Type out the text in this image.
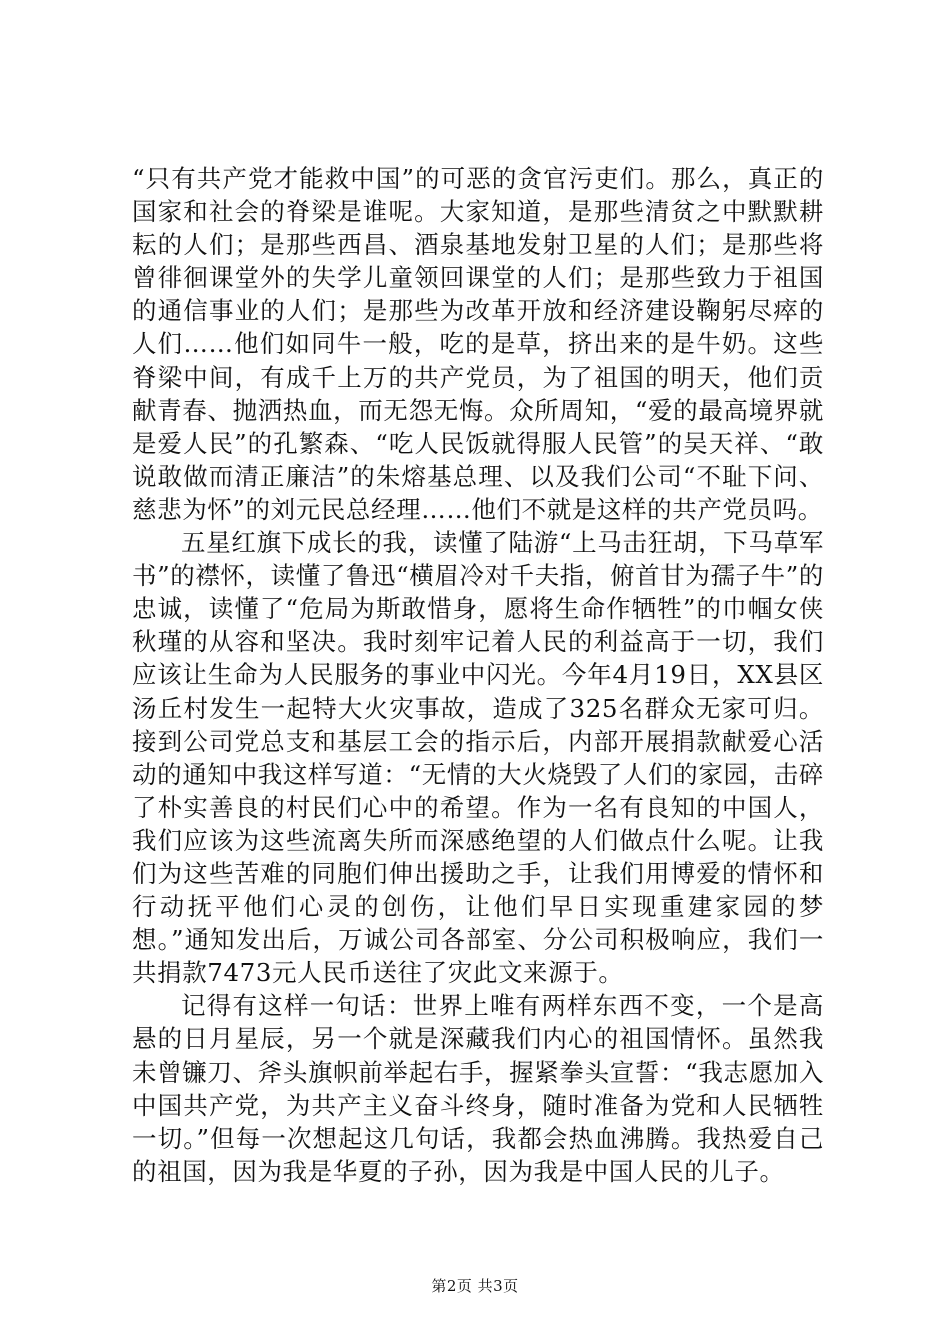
“只有共产党才能救中国”的可恶的贪官污吏们。那么，真正的国家和社会的脊梁是谁呢。大家知道，是那些清贫之中默默耕耘的人们；是那些西昌、酒泉基地发射卫星的人们；是那些将曾徘徊课堂外的失学儿童领回课堂的人们；是那些致力于祖国的通信事业的人们；是那些为改革开放和经济建设鞠躬尽瘁的人们……他们如同牛一般，吃的是草，挤出来的是牛奶。这些脊梁中间，有成千上万的共产党员，为了祖国的明天，他们贡献青春、抛洒热血，而无怨无悔。众所周知，“爱的最高境界就是爱人民”的孔繁森、“吃人民饭就得服人民管”的吴天祥、“敢说敢做而清正廉洁”的朱熔基总理、以及我们公司“不耻下问、慈悲为怀”的刘元民总经理……他们不就是这样的共产党员吗。

五星红旗下成长的我，读懂了陆游“上马击狂胡，下马草军书”的襟怀，读懂了鲁迅“横眉冷对千夫指，俯首甘为孺子牛”的忠诚，读懂了“危局为斯敢惜身，愿将生命作牺牲”的巾帼女侠秋瑾的从容和坚决。我时刻牢记着人民的利益高于一切，我们应该让生命为人民服务的事业中闪光。今年4月19日，XX县区汤丘村发生一起特大火灾事故，造成了325名群众无家可归。接到公司党总支和基层工会的指示后，内部开展捐款献爱心活动的通知中我这样写道：“无情的大火烧毁了人们的家园，击碎了朴实善良的村民们心中的希望。作为一名有良知的中国人，我们应该为这些流离失所而深感绝望的人们做点什么呢。让我们为这些苦难的同胞们伸出援助之手，让我们用博爱的情怀和行动抚平他们心灵的创伤，让他们早日实现重建家园的梦想。”通知发出后，万诚公司各部室、分公司积极响应，我们一共捐款7473元人民币送往了灾此文来源于。

记得有这样一句话：世界上唯有两样东西不变，一个是高悬的日月星辰，另一个就是深藏我们内心的祖国情怀。虽然我未曾镰刀、斧头旗帜前举起右手，握紧拳头宣誓：“我志愿加入中国共产党，为共产主义奋斗终身，随时准备为党和人民牺牲一切。”但每一次想起这几句话，我都会热血沸腾。我热爱自己的祖国，因为我是华夏的子孙，因为我是中国人民的儿子。

第2页 共3页
